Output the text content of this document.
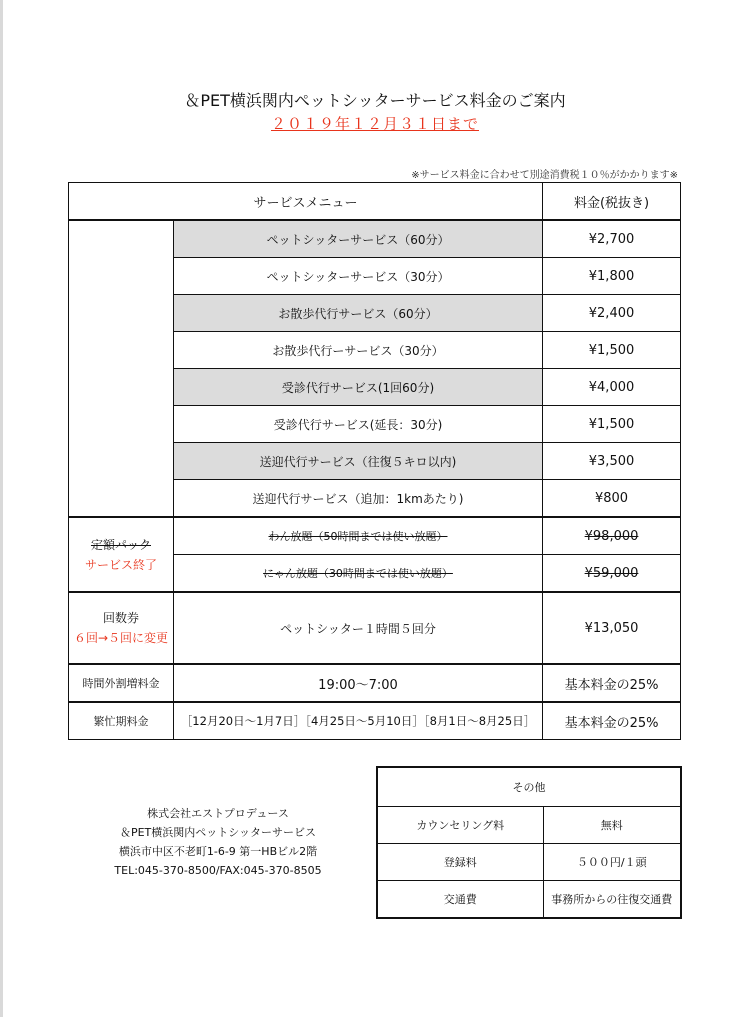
＆PET横浜関内ペットシッターサービス料金のご案内
２０１９年１２月３１日まで
※サービス料金に合わせて別途消費税１０％がかかります※
サービスメニュー		料金(税抜き)
	ペットシッターサービス（60分）	¥2,700
	ペットシッターサービス（30分）	¥1,800
	お散歩代行サービス（60分）	¥2,400
	お散歩代行ーサービス（30分）	¥1,500
	受診代行サービス(1回60分)	¥4,000
	受診代行サービス(延長：30分)	¥1,500
	送迎代行サービス（往復５キロ以内)	¥3,500
	送迎代行サービス（追加：1kmあたり)	¥800

定額パック
サービス終了	わん放題（50時間までは使い放題）	¥98,000
	にゃん放題（30時間までは使い放題）	¥59,000

回数券
６回→５回に変更	ペットシッター１時間５回分	¥13,050
時間外割増料金	19:00～7:00	基本料金の25%
繁忙期料金	［12月20日～1月7日］［4月25日～5月10日］［8月1日～8月25日］	基本料金の25%
株式会社エストプロデュース
＆PET横浜関内ペットシッターサービス
横浜市中区不老町1-6-9 第一HBビル2階
TEL:045-370-8500/FAX:045-370-8505
その他	
カウンセリング料	無料
登録料	５００円/１頭
交通費	事務所からの往復交通費
